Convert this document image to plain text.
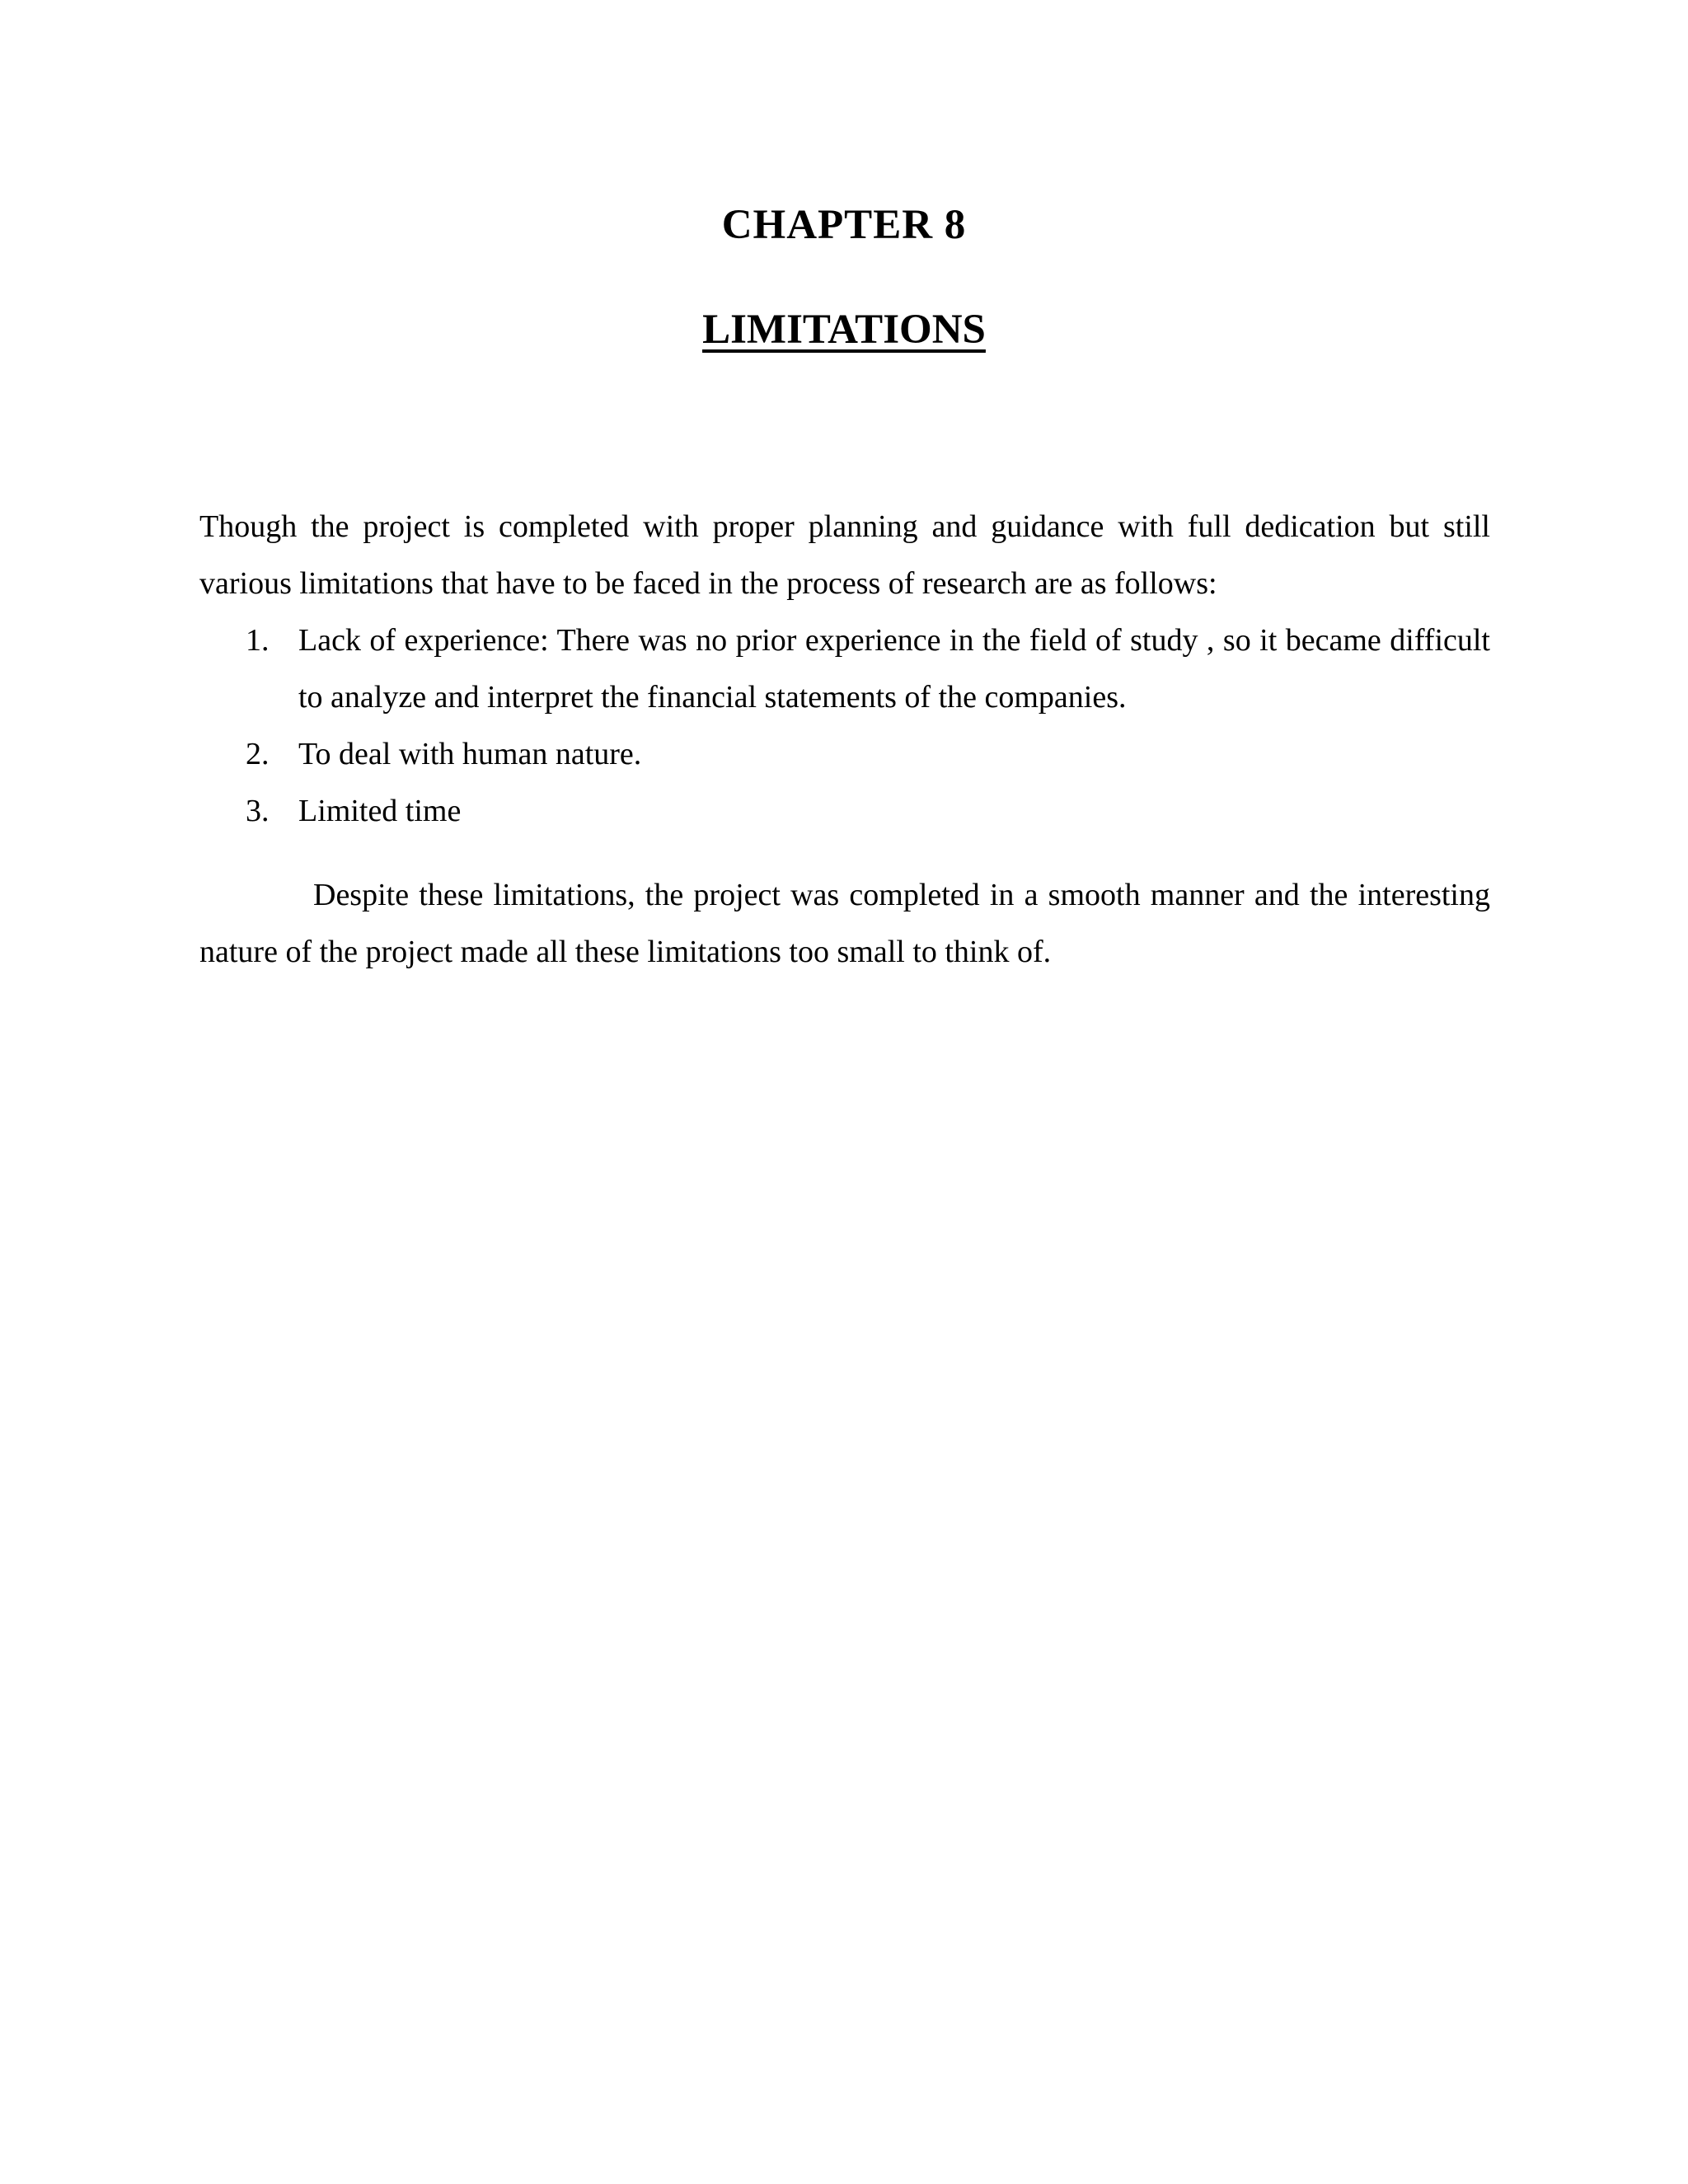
CHAPTER 8
LIMITATIONS

Though the project is completed with proper planning and guidance with full dedication but still various limitations that have to be faced in the process of research are as follows:

1. Lack of experience: There was no prior experience in the field of study , so it became difficult to analyze and interpret the financial statements of the companies.
2. To deal with human nature.
3. Limited time

Despite these limitations, the project was completed in a smooth manner and the interesting nature of the project made all these limitations too small to think of.
